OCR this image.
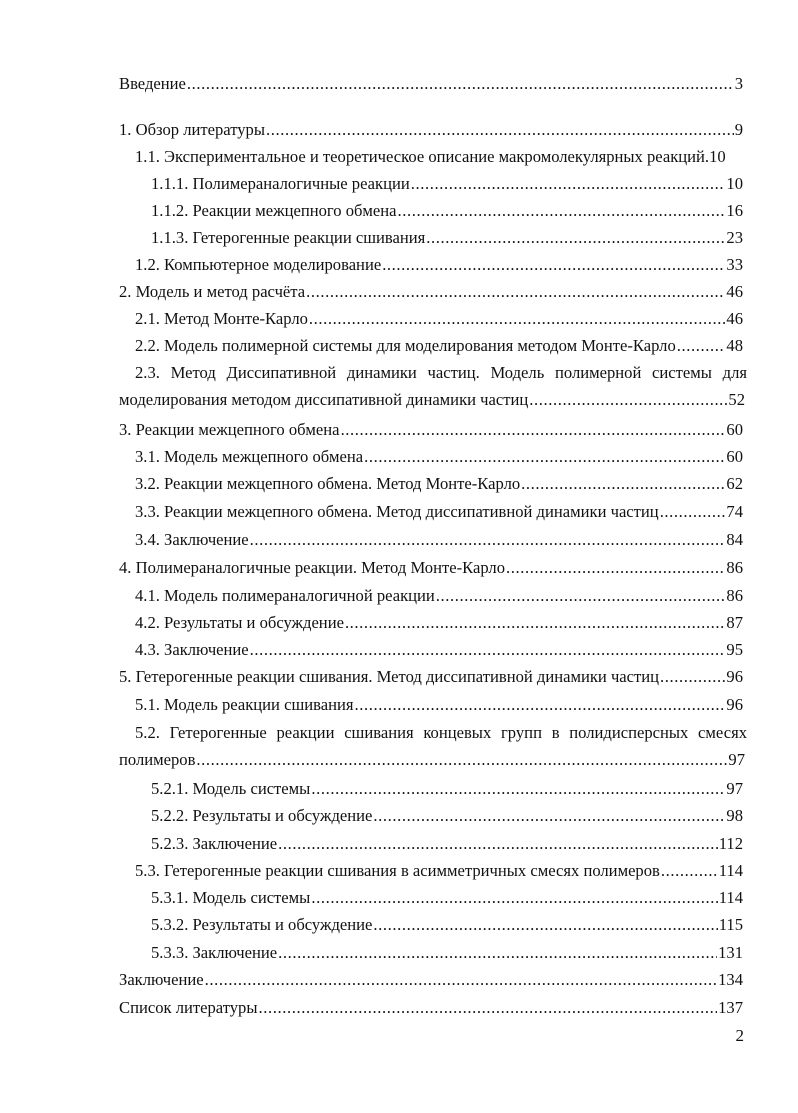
Введение .....	3
1. Обзор литературы .....	9
1.1. Экспериментальное и теоретическое описание макромолекулярных реакций. 10
1.1.1. Полимераналогичные реакции .....	10
1.1.2. Реакции межцепного обмена .....	16
1.1.3. Гетерогенные реакции сшивания .....	23
1.2. Компьютерное моделирование .....	33
2. Модель и метод расчёта .....	46
2.1. Метод Монте-Карло .....	46
2.2. Модель полимерной системы для моделирования методом Монте-Карло .....	48
2.3. Метод Диссипативной динамики частиц. Модель полимерной системы для
моделирования методом диссипативной динамики частиц .....	52
3. Реакции межцепного обмена .....	60
3.1. Модель межцепного обмена .....	60
3.2. Реакции межцепного обмена. Метод Монте-Карло .....	62
3.3. Реакции межцепного обмена. Метод диссипативной динамики частиц .....	74
3.4. Заключение .....	84
4. Полимераналогичные реакции. Метод Монте-Карло .....	86
4.1. Модель полимераналогичной реакции .....	86
4.2. Результаты и обсуждение .....	87
4.3. Заключение .....	95
5. Гетерогенные реакции сшивания. Метод диссипативной динамики частиц .....	96
5.1. Модель реакции сшивания .....	96
5.2. Гетерогенные реакции сшивания концевых групп в полидисперсных смесях
полимеров .....	97
5.2.1. Модель системы .....	97
5.2.2. Результаты и обсуждение .....	98
5.2.3. Заключение .....	112
5.3. Гетерогенные реакции сшивания в асимметричных смесях полимеров .....	114
5.3.1. Модель системы .....	114
5.3.2. Результаты и обсуждение .....	115
5.3.3. Заключение .....	131
Заключение .....	134
Список литературы .....	137
2
